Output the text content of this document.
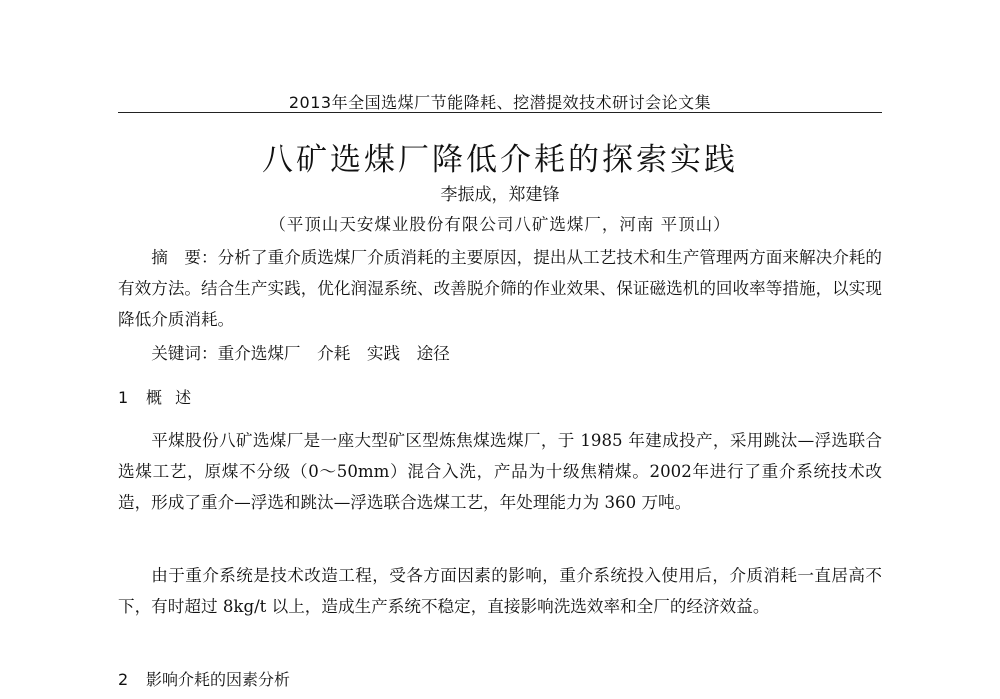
2013年全国选煤厂节能降耗、挖潜提效技术研讨会论文集
八矿选煤厂降低介耗的探索实践
李振成，郑建锋
（平顶山天安煤业股份有限公司八矿选煤厂，河南 平顶山）

摘　要：分析了重介质选煤厂介质消耗的主要原因，提出从工艺技术和生产管理两方面来解决介耗的有效方法。结合生产实践，优化润湿系统、改善脱介筛的作业效果、保证磁选机的回收率等措施，以实现降低介质消耗。

关键词：重介选煤厂　介耗　实践　途径

1 概 述

平煤股份八矿选煤厂是一座大型矿区型炼焦煤选煤厂，于 1985 年建成投产，采用跳汰—浮选联合选煤工艺，原煤不分级（0～50mm）混合入洗，产品为十级焦精煤。2002年进行了重介系统技术改造，形成了重介—浮选和跳汰—浮选联合选煤工艺，年处理能力为 360 万吨。

由于重介系统是技术改造工程，受各方面因素的影响，重介系统投入使用后，介质消耗一直居高不下，有时超过 8kg/t 以上，造成生产系统不稳定，直接影响洗选效率和全厂的经济效益。

2 影响介耗的因素分析
